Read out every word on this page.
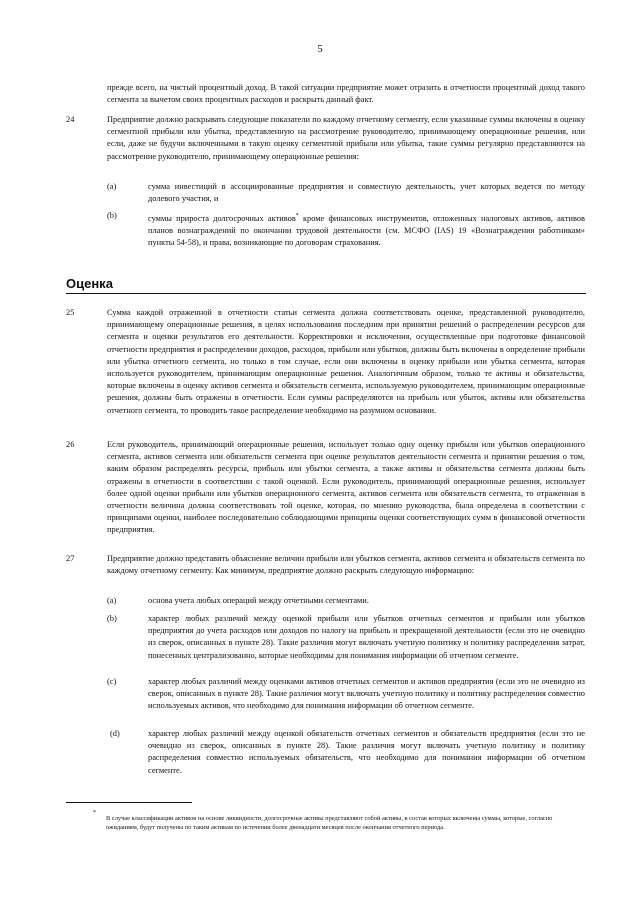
5

прежде всего, на чистый процентный доход. В такой ситуации предприятие может отразить в отчетности процентный доход такого сегмента за вычетом своих процентных расходов и раскрыть данный факт.

24	Предприятие должно раскрывать следующие показатели по каждому отчетному сегменту, если указанные суммы включены в оценку сегментной прибыли или убытка, представленную на рассмотрение руководителю, принимающему операционные решения, или если, даже не будучи включенными в такую оценку сегментной прибыли или убытка, такие суммы регулярно представляются на рассмотрение руководителю, принимающему операционные решения:

(a)	сумма инвестиций в ассоциированные предприятия и совместную деятельность, учет которых ведется по методу долевого участия, и

(b)	суммы прироста долгосрочных активов* кроме финансовых инструментов, отложенных налоговых активов, активов планов вознаграждений по окончании трудовой деятельности (см. МСФО (IAS) 19 «Вознаграждения работникам» пункты 54-58), и права, возникающие по договорам страхования.

Оценка
25	Сумма каждой отраженной в отчетности статьи сегмента должна соответствовать оценке, представленной руководителю, принимающему операционные решения, в целях использования последним при принятии решений о распределении ресурсов для сегмента и оценки результатов его деятельности. Корректировки и исключения, осуществленные при подготовке финансовой отчетности предприятия и распределении доходов, расходов, прибыли или убытков, должны быть включены в определение прибыли или убытка отчетного сегмента, но только в том случае, если они включены в оценку прибыли или убытка сегмента, которая используется руководителем, принимающим операционные решения. Аналогичным образом, только те активы и обязательства, которые включены в оценку активов сегмента и обязательств сегмента, используемую руководителем, принимающим операционные решения, должны быть отражены в отчетности. Если суммы распределяются на прибыль или убыток, активы или обязательства отчетного сегмента, то проводить такое распределение необходимо на разумном основании.

26	Если руководитель, принимающий операционные решения, использует только одну оценку прибыли или убытков операционного сегмента, активов сегмента или обязательств сегмента при оценке результатов деятельности сегмента и принятии решения о том, каким образом распределять ресурсы, прибыль или убытки сегмента, а также активы и обязательства сегмента должны быть отражены в отчетности в соответствии с такой оценкой. Если руководитель, принимающий операционные решения, использует более одной оценки прибыли или убытков операционного сегмента, активов сегмента или обязательств сегмента, то отраженная в отчетности величина должна соответствовать той оценке, которая, по мнению руководства, была определена в соответствии с принципами оценки, наиболее последовательно соблюдающими принципы оценки соответствующих сумм в финансовой отчетности предприятия.

27	Предприятие должно представить объяснение величин прибыли или убытков сегмента, активов сегмента и обязательств сегмента по каждому отчетному сегменту. Как минимум, предприятие должно раскрыть следующую информацию:

(a)	основа учета любых операций между отчетными сегментами.

(b)	характер любых различий между оценкой прибыли или убытков отчетных сегментов и прибыли или убытков предприятия до учета расходов или доходов по налогу на прибыль и прекращенной деятельности (если это не очевидно из сверок, описанных в пункте 28). Такие различия могут включать учетную политику и политику распределения затрат, понесенных централизованно, которые необходимы для понимания информации об отчетном сегменте.

(c)	характер любых различий между оценками активов отчетных сегментов и активов предприятия (если это не очевидно из сверок, описанных в пункте 28). Такие различия могут включать учетную политику и политику распределения совместно используемых активов, что необходимо для понимания информации об отчетном сегменте.

(d)	характер любых различий между оценкой обязательств отчетных сегментов и обязательств предприятия (если это не очевидно из сверок, описанных в пункте 28). Такие различия могут включать учетную политику и политику распределения совместно используемых обязательств, что необходимо для понимания информации об отчетном сегменте.

*
В случае классификации активов на основе ликвидности, долгосрочные активы представляют собой активы, в состав которых включены суммы, которые, согласно ожиданиям, будут получены по таким активам по истечении более двенадцати месяцев после окончания отчетного периода.
